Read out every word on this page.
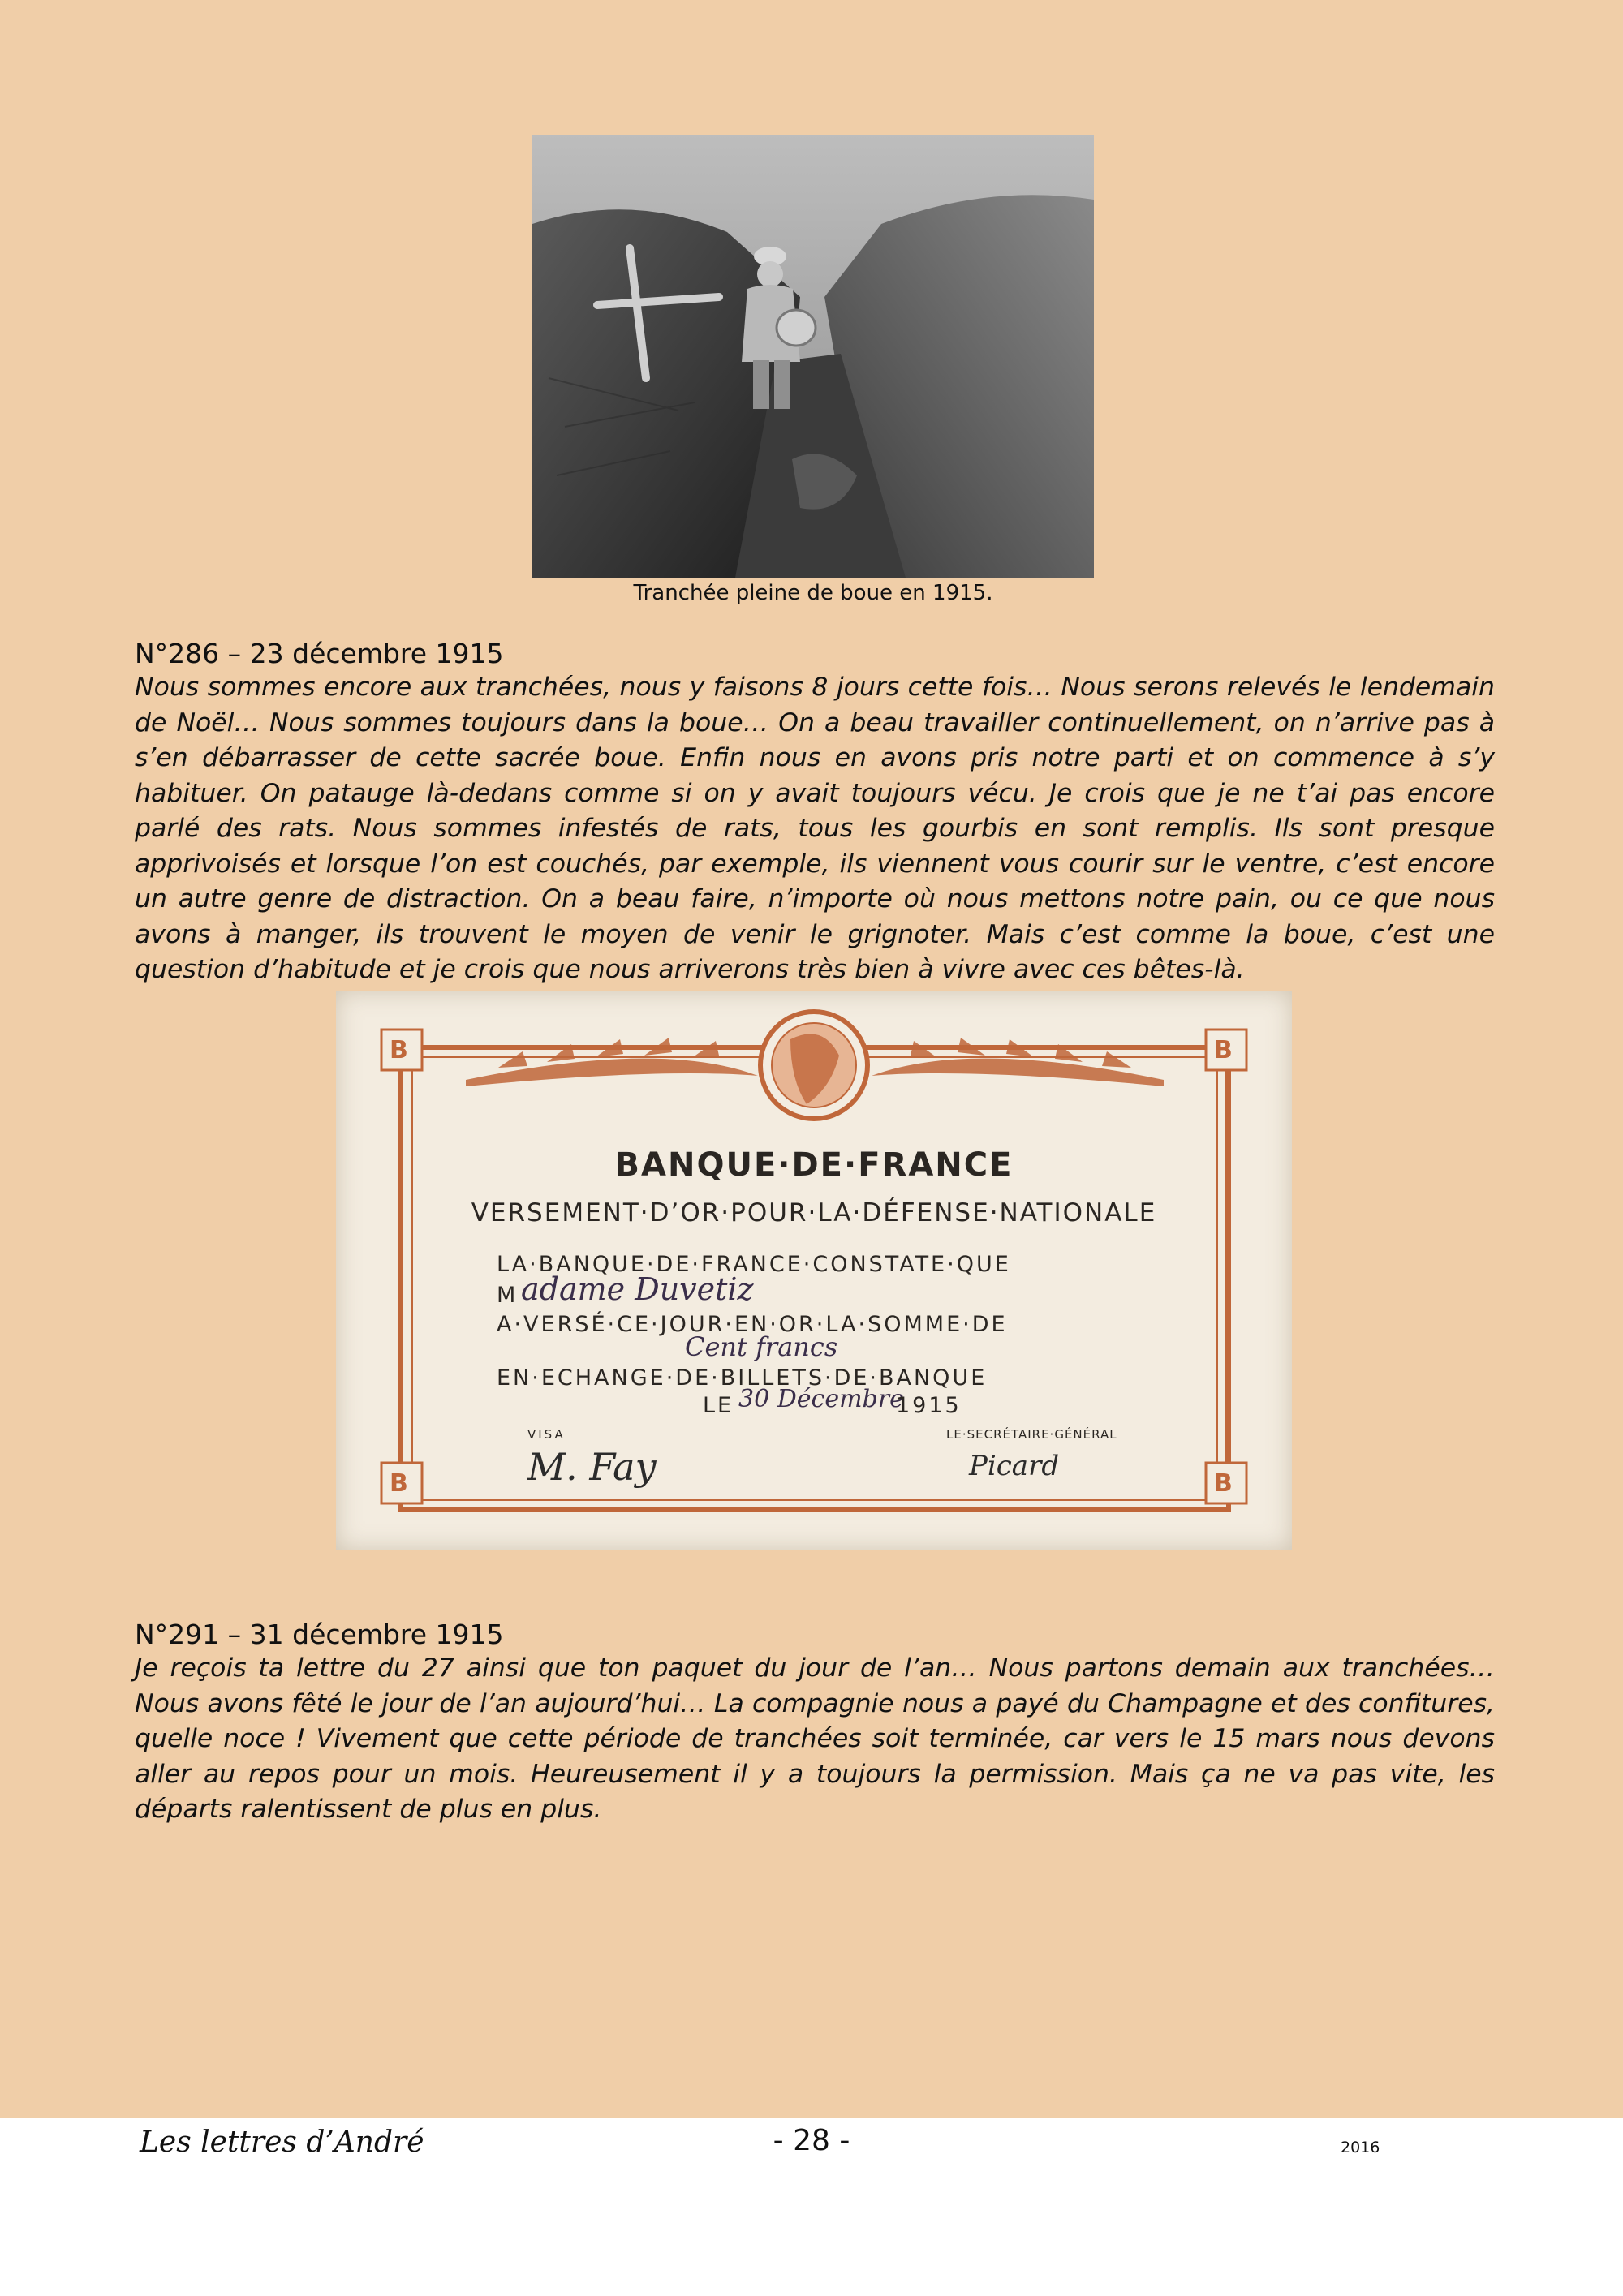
Tranchée pleine de boue en 1915.
N°286 – 23 décembre 1915

Nous sommes encore aux tranchées, nous y faisons 8 jours cette fois… Nous serons relevés le lendemain de Noël… Nous sommes toujours dans la boue… On a beau travailler continuellement, on n’arrive pas à s’en débarrasser de cette sacrée boue. Enfin nous en avons pris notre parti et on commence à s’y habituer. On patauge là-dedans comme si on y avait toujours vécu. Je crois que je ne t’ai pas encore parlé des rats. Nous sommes infestés de rats, tous les gourbis en sont remplis. Ils sont presque apprivoisés et lorsque l’on est couchés, par exemple, ils viennent vous courir sur le ventre, c’est encore un autre genre de distraction. On a beau faire, n’importe où nous mettons notre pain, ou ce que nous avons à manger, ils trouvent le moyen de venir le grignoter. Mais c’est comme la boue, c’est une question d’habitude et je crois que nous arriverons très bien à vivre avec ces bêtes-là.

B	B
B	B
BANQUE·DE·FRANCE
VERSEMENT·D’OR·POUR·LA·DÉFENSE·NATIONALE
LA·BANQUE·DE·FRANCE·CONSTATE·QUE
M adame Duvetiz
A·VERSÉ·CE·JOUR·EN·OR·LA·SOMME·DE
Cent francs
EN·ECHANGE·DE·BILLETS·DE·BANQUE
LE 30 Décembre
1915
VISA	LE·SECRÉTAIRE·GÉNÉRAL
M. Fay	Picard
N°291 – 31 décembre 1915

Je reçois ta lettre du 27 ainsi que ton paquet du jour de l’an… Nous partons demain aux tranchées… Nous avons fêté le jour de l’an aujourd’hui… La compagnie nous a payé du Champagne et des confitures, quelle noce ! Vivement que cette période de tranchées soit terminée, car vers le 15 mars nous devons aller au repos pour un mois. Heureusement il y a toujours la permission. Mais ça ne va pas vite, les départs ralentissent de plus en plus.

Les lettres d’André	- 28 -	2016
